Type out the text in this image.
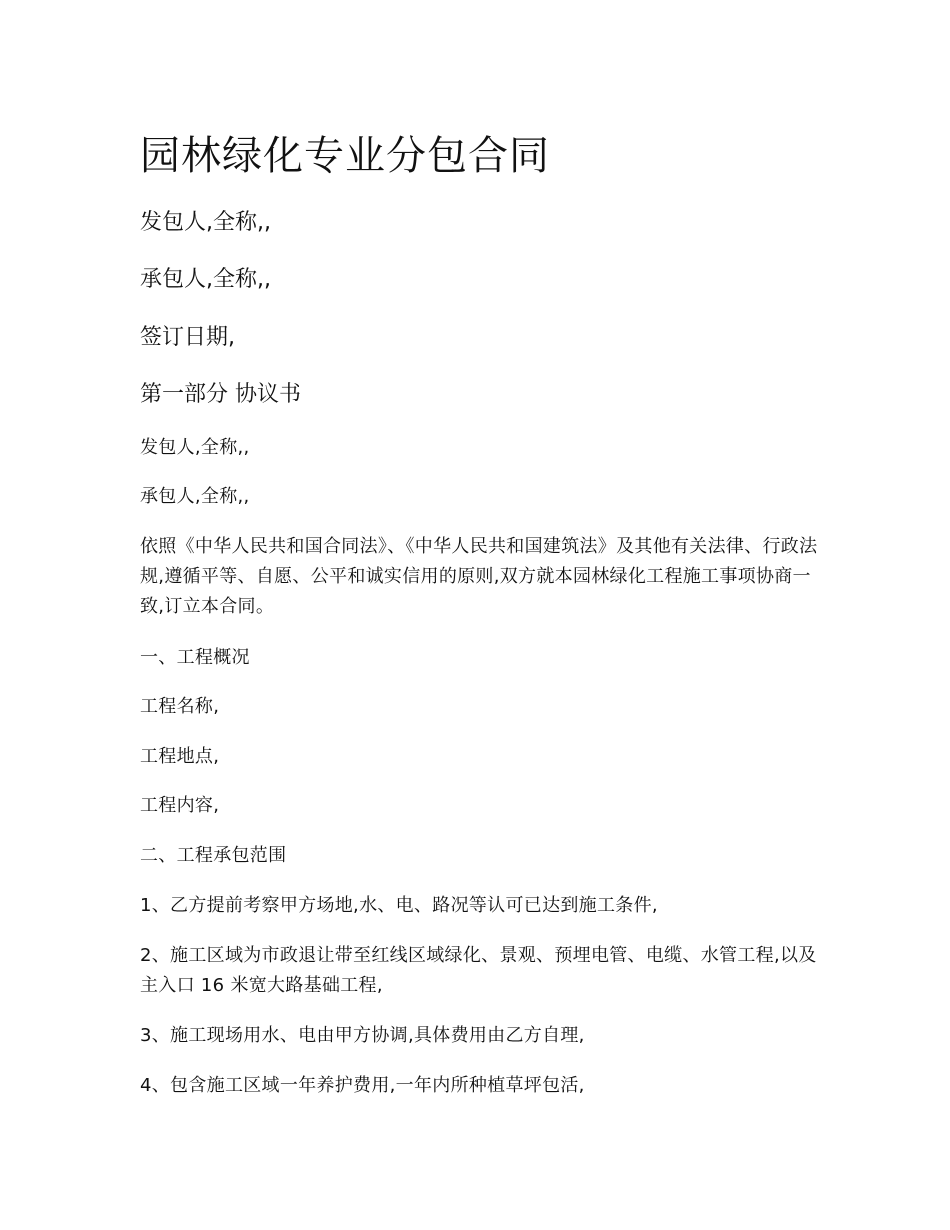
园林绿化专业分包合同

发包人,全称,,

承包人,全称,,

签订日期,

第一部分 协议书

发包人,全称,,

承包人,全称,,

依照《中华人民共和国合同法》、《中华人民共和国建筑法》及其他有关法律、行政法规,遵循平等、自愿、公平和诚实信用的原则,双方就本园林绿化工程施工事项协商一致,订立本合同。

一、工程概况

工程名称,

工程地点,

工程内容,

二、工程承包范围

1、乙方提前考察甲方场地,水、电、路况等认可已达到施工条件,

2、施工区域为市政退让带至红线区域绿化、景观、预埋电管、电缆、水管工程,以及主入口 16 米宽大路基础工程,

3、施工现场用水、电由甲方协调,具体费用由乙方自理,

4、包含施工区域一年养护费用,一年内所种植草坪包活,
